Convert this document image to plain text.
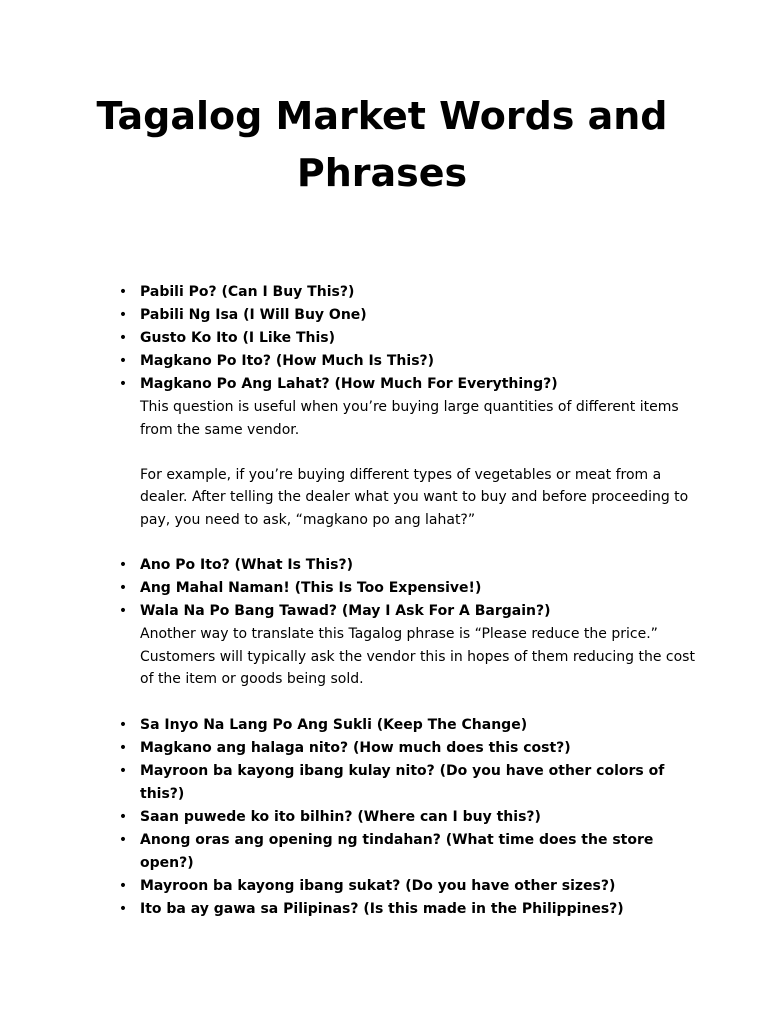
Tagalog Market Words and Phrases
• Pabili Po? (Can I Buy This?)
• Pabili Ng Isa (I Will Buy One)
• Gusto Ko Ito (I Like This)
• Magkano Po Ito? (How Much Is This?)
• Magkano Po Ang Lahat? (How Much For Everything?)
This question is useful when you’re buying large quantities of different items from the same vendor.
For example, if you’re buying different types of vegetables or meat from a dealer. After telling the dealer what you want to buy and before proceeding to pay, you need to ask, “magkano po ang lahat?”
• Ano Po Ito? (What Is This?)
• Ang Mahal Naman! (This Is Too Expensive!)
• Wala Na Po Bang Tawad? (May I Ask For A Bargain?)
Another way to translate this Tagalog phrase is “Please reduce the price.” Customers will typically ask the vendor this in hopes of them reducing the cost of the item or goods being sold.
• Sa Inyo Na Lang Po Ang Sukli (Keep The Change)
• Magkano ang halaga nito? (How much does this cost?)
• Mayroon ba kayong ibang kulay nito? (Do you have other colors of this?)
• Saan puwede ko ito bilhin? (Where can I buy this?)
• Anong oras ang opening ng tindahan? (What time does the store open?)
• Mayroon ba kayong ibang sukat? (Do you have other sizes?)
• Ito ba ay gawa sa Pilipinas? (Is this made in the Philippines?)
